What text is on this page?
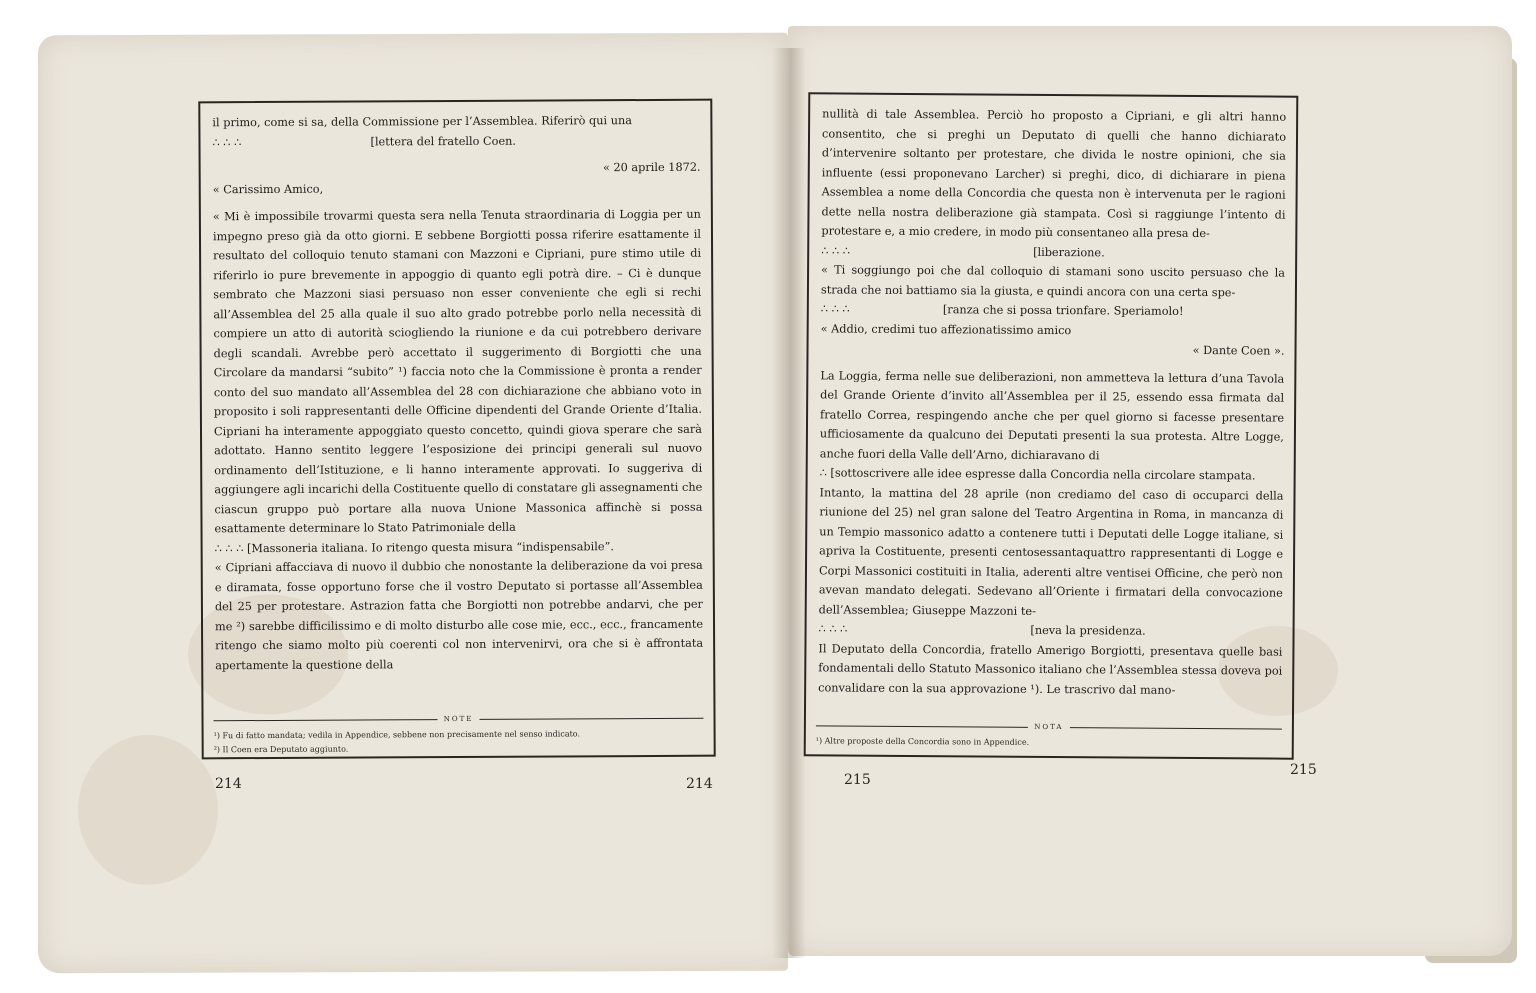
il primo, come si sa, della Commissione per l’Assemblea. Riferirò qui una

∴ ∴ ∴                                    [lettera del fratello Coen.

« 20 aprile 1872.

« Carissimo Amico,

« Mi è impossibile trovarmi questa sera nella Tenuta straordinaria di Loggia per un impegno preso già da otto giorni. E sebbene Borgiotti possa riferire esattamente il resultato del colloquio tenuto stamani con Mazzoni e Cipriani, pure stimo utile di riferirlo io pure brevemente in appoggio di quanto egli potrà dire. – Ci è dunque sembrato che Mazzoni siasi persuaso non esser conveniente che egli si rechi all’Assemblea del 25 alla quale il suo alto grado potrebbe porlo nella necessità di compiere un atto di autorità sciogliendo la riunione e da cui potrebbero derivare degli scandali. Avrebbe però accettato il suggerimento di Borgiotti che una Circolare da mandarsi “subito” ¹) faccia noto che la Commissione è pronta a render conto del suo mandato all’Assemblea del 28 con dichiarazione che abbiano voto in proposito i soli rappresentanti delle Officine dipendenti del Grande Oriente d’Italia. Cipriani ha interamente appoggiato questo concetto, quindi giova sperare che sarà adottato. Hanno sentito leggere l’esposizione dei principi generali sul nuovo ordinamento dell’Istituzione, e li hanno interamente approvati. Io suggeriva di aggiungere agli incarichi della Costituente quello di constatare gli assegnamenti che ciascun gruppo può portare alla nuova Unione Massonica affinchè si possa esattamente determinare lo Stato Patrimoniale della

∴ ∴ ∴ [Massoneria italiana. Io ritengo questa misura “indispensabile”.

« Cipriani affacciava di nuovo il dubbio che nonostante la deliberazione da voi presa e diramata, fosse opportuno forse che il vostro Deputato si portasse all’Assemblea del 25 per protestare. Astrazion fatta che Borgiotti non potrebbe andarvi, che per me ²) sarebbe difficilissimo e di molto disturbo alle cose mie, ecc., ecc., francamente ritengo che siamo molto più coerenti col non intervenirvi, ora che si è affrontata apertamente la questione della

NOTE
¹) Fu di fatto mandata; vedila in Appendice, sebbene non precisamente nel senso indicato.
²) Il Coen era Deputato aggiunto.
214	214

nullità di tale Assemblea. Perciò ho proposto a Cipriani, e gli altri hanno consentito, che si preghi un Deputato di quelli che hanno dichiarato d’intervenire soltanto per protestare, che divida le nostre opinioni, che sia influente (essi proponevano Larcher) si preghi, dico, di dichiarare in piena Assemblea a nome della Concordia che questa non è intervenuta per le ragioni dette nella nostra deliberazione già stampata. Così si raggiunge l’intento di protestare e, a mio credere, in modo più consentaneo alla presa de-

∴ ∴ ∴                                                   [liberazione.

« Ti soggiungo poi che dal colloquio di stamani sono uscito persuaso che la strada che noi battiamo sia la giusta, e quindi ancora con una certa spe-

∴ ∴ ∴                          [ranza che si possa trionfare. Speriamolo!

« Addio, credimi tuo affezionatissimo amico

« Dante Coen ».

La Loggia, ferma nelle sue deliberazioni, non ammetteva la lettura d’una Tavola del Grande Oriente d’invito all’Assemblea per il 25, essendo essa firmata dal fratello Correa, respingendo anche che per quel giorno si facesse presentare ufficiosamente da qualcuno dei Deputati presenti la sua protesta. Altre Logge, anche fuori della Valle dell’Arno, dichiaravano di

∴ [sottoscrivere alle idee espresse dalla Concordia nella circolare stampata.

Intanto, la mattina del 28 aprile (non crediamo del caso di occuparci della riunione del 25) nel gran salone del Teatro Argentina in Roma, in mancanza di un Tempio massonico adatto a contenere tutti i Deputati delle Logge italiane, si apriva la Costituente, presenti centosessantaquattro rappresentanti di Logge e Corpi Massonici costituiti in Italia, aderenti altre ventisei Officine, che però non avevan mandato delegati. Sedevano all’Oriente i firmatari della convocazione dell’Assemblea; Giuseppe Mazzoni te-

∴ ∴ ∴                                                   [neva la presidenza.

Il Deputato della Concordia, fratello Amerigo Borgiotti, presentava quelle basi fondamentali dello Statuto Massonico italiano che l’Assemblea stessa doveva poi convalidare con la sua approvazione ¹). Le trascrivo dal mano-

NOTA
¹) Altre proposte della Concordia sono in Appendice.
215
215
